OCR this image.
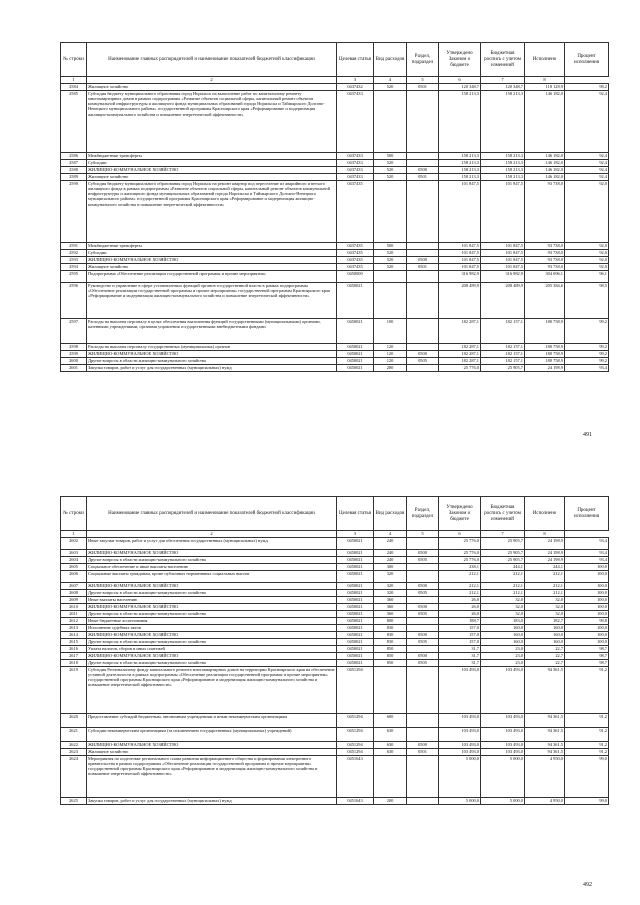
№ строки	Наименование главных распорядителей и наименование показателей бюджетной классификации	Целевая статья	Вид расходов	Раздел, подраздел	Утверждено Законом о бюджете	Бюджетная роспись с учетом изменений	Исполнено	Процент исполнения
1	2	3	4	5	6	7	8	
2584	Жилищное хозяйство	0437432	520	0501	120 348,7	120 348,7	118 128,9	98,2
2585	Субсидия бюджету муниципального образования город Норильск на выполнение работ по капитальному ремонту многоквартирных домов в рамках подпрограммы «Развитие объектов социальной сферы, капитальный ремонт объектов коммунальной инфраструктуры и жилищного фонда муниципальных образований города Норильска и Таймырского Долгано-Ненецкого муниципального района» государственной программы Красноярского края «Реформирование и модернизация жилищно-коммунального хозяйства и повышение энергетической эффективности»	0437433			158 213,3	158 213,3	146 182,0	92,4
2586	Межбюджетные трансферты	0437433	500		158 213,3	158 213,3	146 182,0	92,4
2587	Субсидии	0437433	520		158 213,3	158 213,3	146 182,0	92,4
2588	ЖИЛИЩНО-КОММУНАЛЬНОЕ ХОЗЯЙСТВО	0437433	520	0500	158 213,3	158 213,3	146 182,0	92,4
2589	Жилищное хозяйство	0437433	520	0501	158 213,3	158 213,3	146 182,0	92,4
2590	Субсидия бюджету муниципального образования город Норильск на ремонт квартир под переселение из аварийного и ветхого жилищного фонда в рамках подпрограммы «Развитие объектов социальной сферы, капитальный ремонт объектов коммунальной инфраструктуры и жилищного фонда муниципальных образований города Норильска и Таймырского Долгано-Ненецкого муниципального района» государственной программы Красноярского края «Реформирование и модернизация жилищно-коммунального хозяйства и повышение энергетической эффективности»	0437435			101 847,5	101 847,5	93 738,0	92,0
2591	Межбюджетные трансферты	0437435	500		101 847,5	101 847,5	93 738,0	92,0
2592	Субсидии	0437435	520		101 847,5	101 847,5	93 738,0	92,0
2593	ЖИЛИЩНО-КОММУНАЛЬНОЕ ХОЗЯЙСТВО	0437435	520	0500	101 847,5	101 847,5	93 738,0	92,0
2594	Жилищное хозяйство	0437435	520	0501	101 847,5	101 847,5	93 738,0	92,0
2595	Подпрограмма «Обеспечение реализации государственной программы и прочие мероприятия»	0450000			316 982,9	316 982,9	304 696,1	96,1
2596	Руководство и управление в сфере установленных функций органов государственной власти в рамках подпрограммы «Обеспечение реализации государственной программы и прочие мероприятия» государственной программы Красноярского края «Реформирование и модернизация жилищно-коммунального хозяйства и повышение энергетической эффективности»	0450021			208 489,9	208 489,9	205 384,6	98,5
2597	Расходы на выплаты персоналу в целях обеспечения выполнения функций государственными (муниципальными) органами, казенными учреждениями, органами управления государственными внебюджетными фондами	0450021	100		182 287,1	182 157,1	180 758,9	99,2
2598	Расходы на выплаты персоналу государственных (муниципальных) органов	0450021	120		182 287,1	182 157,1	180 758,9	99,2
2599	ЖИЛИЩНО-КОММУНАЛЬНОЕ ХОЗЯЙСТВО	0450021	120	0500	182 287,1	182 157,1	180 758,9	99,2
2600	Другие вопросы в области жилищно-коммунального хозяйства	0450021	120	0505	182 287,1	182 157,1	180 758,9	99,2
2601	Закупка товаров, работ и услуг для государственных (муниципальных) нужд	0450021	200		25 776,0	25 905,7	24 198,9	93,4
491
№ строки	Наименование главных распорядителей и наименование показателей бюджетной классификации	Целевая статья	Вид расходов	Раздел, подраздел	Утверждено Законом о бюджете	Бюджетная роспись с учетом изменений	Исполнено	Процент исполнения
1	2	3	4	5	6	7	8	
2602	Иные закупки товаров, работ и услуг для обеспечения государственных (муниципальных) нужд	0450021	240		25 776,0	25 905,7	24 198,9	93,4
2603	ЖИЛИЩНО-КОММУНАЛЬНОЕ ХОЗЯЙСТВО	0450021	240	0500	25 776,0	25 905,7	24 198,9	93,4
2604	Другие вопросы в области жилищно-коммунального хозяйства	0450021	240	0505	25 776,0	25 905,7	24 198,9	93,4
2605	Социальное обеспечение и иные выплаты населению	0450021	300		238,1	244,1	244,1	100,0
2606	Социальные выплаты гражданам, кроме публичных нормативных социальных выплат	0450021	320		212,1	212,1	212,1	100,0
2607	ЖИЛИЩНО-КОММУНАЛЬНОЕ ХОЗЯЙСТВО	0450021	320	0500	212,1	212,1	212,1	100,0
2608	Другие вопросы в области жилищно-коммунального хозяйства	0450021	320	0505	212,1	212,1	212,1	100,0
2609	Иные выплаты населению	0450021	360		26,0	32,0	32,0	100,0
2610	ЖИЛИЩНО-КОММУНАЛЬНОЕ ХОЗЯЙСТВО	0450021	360	0500	26,0	32,0	32,0	100,0
2611	Другие вопросы в области жилищно-коммунального хозяйства	0450021	360	0505	26,0	32,0	32,0	100,0
2612	Иные бюджетные ассигнования	0450021	800		188,7	183,0	182,7	99,8
2613	Исполнение судебных актов	0450021	830		157,0	160,0	160,0	100,0
2614	ЖИЛИЩНО-КОММУНАЛЬНОЕ ХОЗЯЙСТВО	0450021	830	0500	157,0	160,0	160,0	100,0
2615	Другие вопросы в области жилищно-коммунального хозяйства	0450021	830	0505	157,0	160,0	160,0	100,0
2616	Уплата налогов, сборов и иных платежей	0450021	850		31,7	23,0	22,7	98,7
2617	ЖИЛИЩНО-КОММУНАЛЬНОЕ ХОЗЯЙСТВО	0450021	850	0500	31,7	23,0	22,7	98,7
2618	Другие вопросы в области жилищно-коммунального хозяйства	0450021	850	0505	31,7	23,0	22,7	98,7
2619	Субсидия Региональному фонду капитального ремонта многоквартирных домов на территории Красноярского края на обеспечение уставной деятельности в рамках подпрограммы «Обеспечение реализации государственной программы и прочие мероприятия» государственной программы Красноярского края «Реформирование и модернизация жилищно-коммунального хозяйства и повышение энергетической эффективности»	0451294			103 493,0	103 493,0	94 361,5	91,2
2620	Предоставление субсидий бюджетным, автономным учреждениям и иным некоммерческим организациям	0451294	600		103 493,0	103 493,0	94 361,5	91,2
2621	Субсидии некоммерческим организациям (за исключением государственных (муниципальных) учреждений)	0451294	630		103 493,0	103 493,0	94 361,5	91,2
2622	ЖИЛИЩНО-КОММУНАЛЬНОЕ ХОЗЯЙСТВО	0451294	630	0500	103 493,0	103 493,0	94 361,5	91,2
2623	Жилищное хозяйство	0451294	630	0501	103 493,0	103 493,0	94 361,5	91,2
2624	Мероприятия по подготовке регионального плана развития информационного общества и формирования электронного правительства в рамках подпрограммы «Обеспечение реализации государственной программы и прочие мероприятия» государственной программы Красноярского края «Реформирование и модернизация жилищно-коммунального хозяйства и повышение энергетической эффективности»	0451643			5 000,0	5 000,0	4 950,0	99,0
2625	Закупка товаров, работ и услуг для государственных (муниципальных) нужд	0451643	200		5 000,0	5 000,0	4 950,0	99,0
492
